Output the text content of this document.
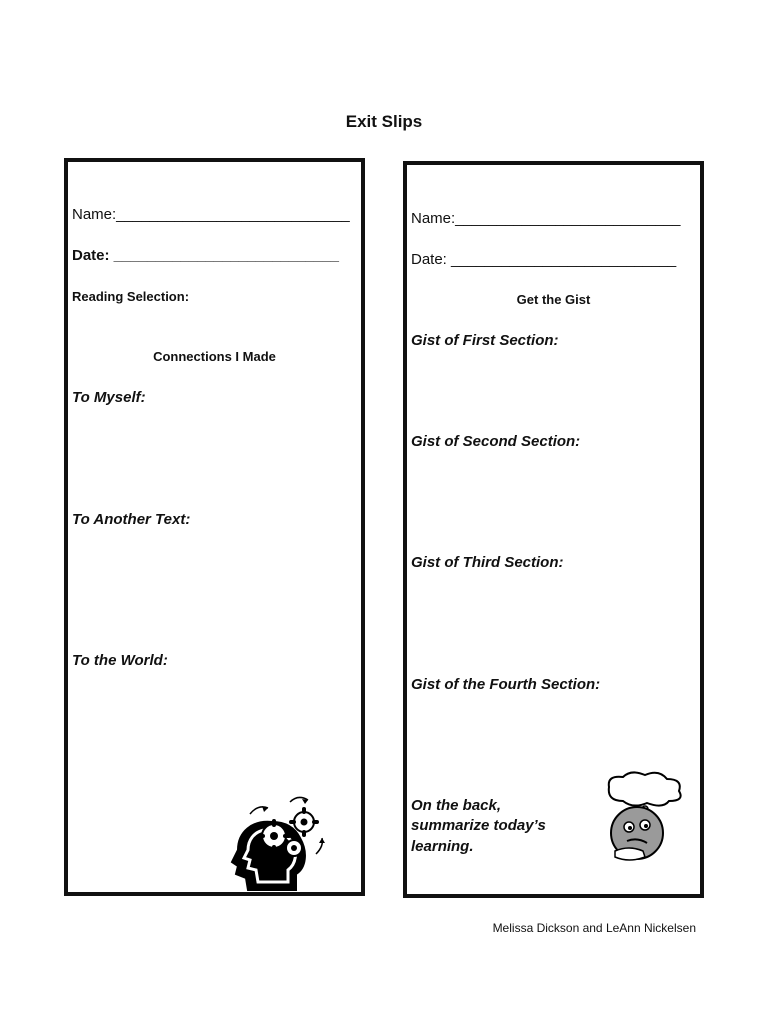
Exit Slips
Name:____________________________
Date: ___________________________
Reading Selection:
Connections I Made
To Myself:
To Another Text:
To the World:
Name:___________________________
Date: ___________________________
Get the Gist
Gist of First Section:
Gist of Second Section:
Gist of Third Section:
Gist of the Fourth Section:
On the back,
summarize today’s
learning.
Melissa Dickson and LeAnn Nickelsen
